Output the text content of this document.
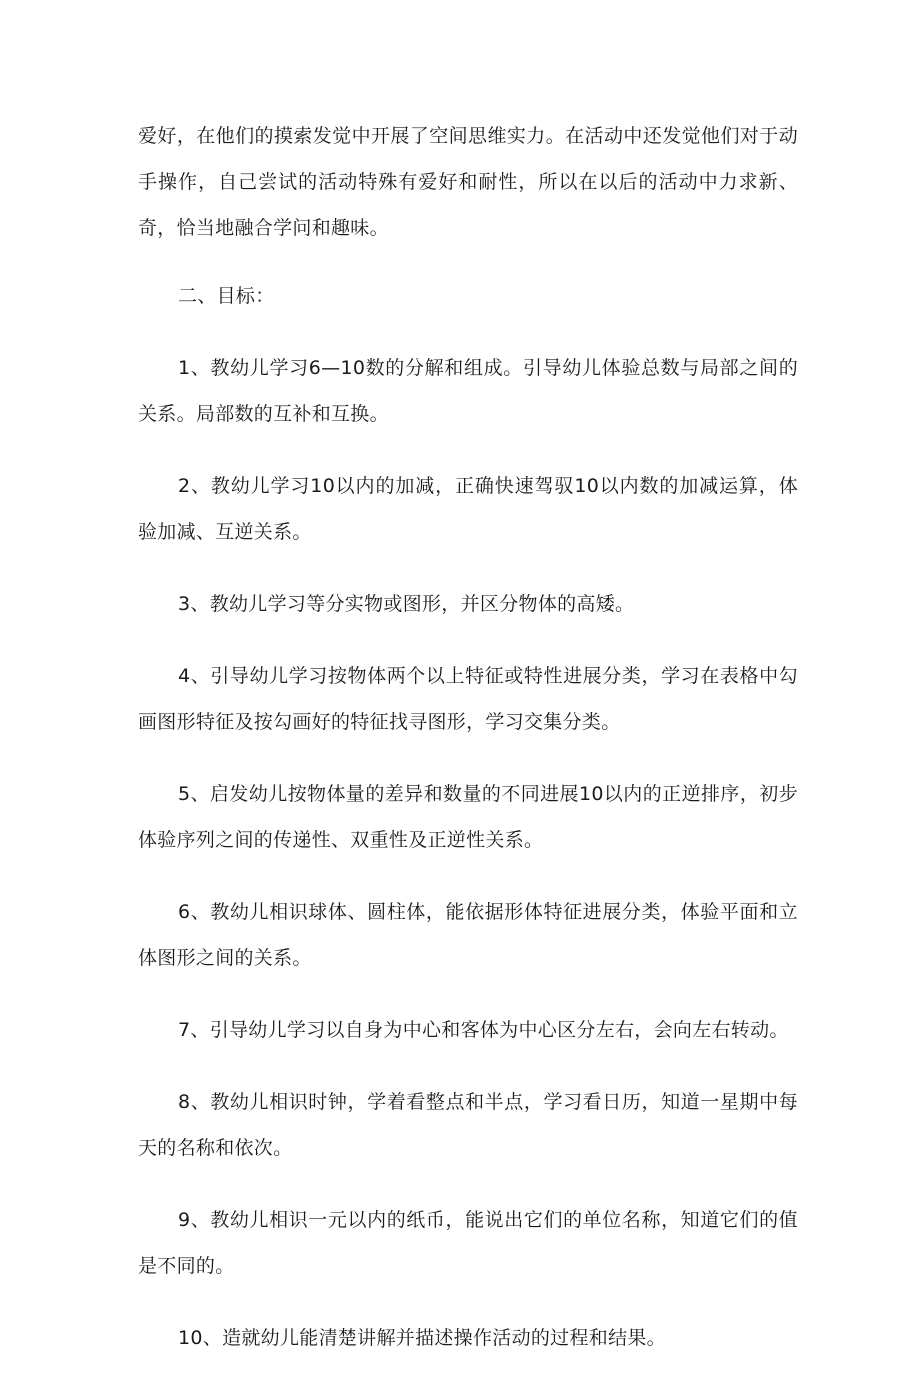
爱好，在他们的摸索发觉中开展了空间思维实力。在活动中还发觉他们对于动手操作，自己尝试的活动特殊有爱好和耐性，所以在以后的活动中力求新、奇，恰当地融合学问和趣味。

二、目标：

1、教幼儿学习6—10数的分解和组成。引导幼儿体验总数与局部之间的关系。局部数的互补和互换。

2、教幼儿学习10以内的加减，正确快速驾驭10以内数的加减运算，体验加减、互逆关系。

3、教幼儿学习等分实物或图形，并区分物体的高矮。

4、引导幼儿学习按物体两个以上特征或特性进展分类，学习在表格中勾画图形特征及按勾画好的特征找寻图形，学习交集分类。

5、启发幼儿按物体量的差异和数量的不同进展10以内的正逆排序，初步体验序列之间的传递性、双重性及正逆性关系。

6、教幼儿相识球体、圆柱体，能依据形体特征进展分类，体验平面和立体图形之间的关系。

7、引导幼儿学习以自身为中心和客体为中心区分左右，会向左右转动。

8、教幼儿相识时钟，学着看整点和半点，学习看日历，知道一星期中每天的名称和依次。

9、教幼儿相识一元以内的纸币，能说出它们的单位名称，知道它们的值是不同的。

10、造就幼儿能清楚讲解并描述操作活动的过程和结果。
